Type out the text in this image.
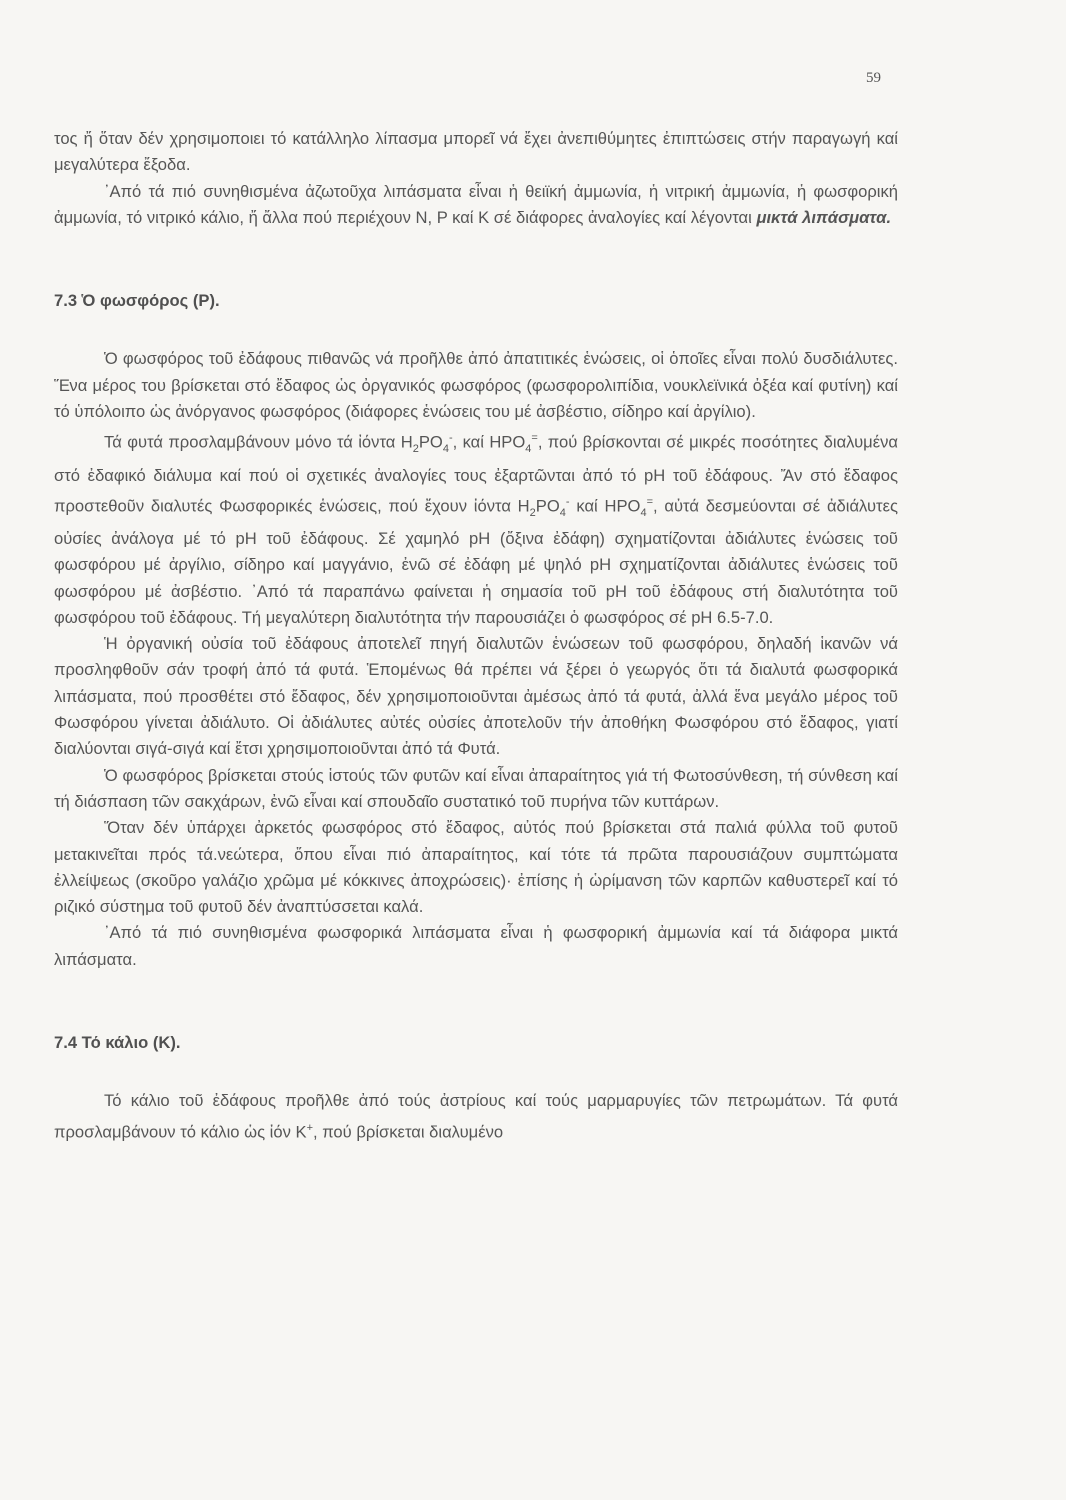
59

τος ἤ ὅταν δέν χρησιμοποιει τό κατάλληλο λίπασμα μπορεῖ νά ἔχει ἀνεπιθύμητες ἐπιπτώσεις στήν παραγωγή καί μεγαλύτερα ἔξοδα.

᾿Από τά πιό συνηθισμένα ἀζωτοῦχα λιπάσματα εἶναι ἡ θειϊκή ἀμμωνία, ἡ νιτρική ἀμμωνία, ἡ φωσφορική ἀμμωνία, τό νιτρικό κάλιο, ἤ ἄλλα πού περιέχουν Ν, Ρ καί Κ σέ διάφορες ἀναλογίες καί λέγονται μικτά λιπάσματα.

7.3 Ὁ φωσφόρος (Ρ).

Ὁ φωσφόρος τοῦ ἐδάφους πιθανῶς νά προῆλθε ἀπό ἀπατιτικές ἑνώσεις, οἱ ὁποῖες εἶναι πολύ δυσδιάλυτες. Ἕνα μέρος του βρίσκεται στό ἔδαφος ὡς ὀργανικός φωσφόρος (φωσφορολιπίδια, νουκλεϊνικά ὀξέα καί φυτίνη) καί τό ὑπόλοιπο ὡς ἀνόργανος φωσφόρος (διάφορες ἑνώσεις του μέ ἀσβέστιο, σίδηρο καί ἀργίλιο).

Τά φυτά προσλαμβάνουν μόνο τά ἰόντα $H_2PO_4^-$, καί $HPO_4^=$, πού βρίσκονται σέ μικρές ποσότητες διαλυμένα στό ἐδαφικό διάλυμα καί πού οἱ σχετικές ἀναλογίες τους ἐξαρτῶνται ἀπό τό pH τοῦ ἐδάφους. Ἄν στό ἔδαφος προστεθοῦν διαλυτές Φωσφορικές ἑνώσεις, πού ἔχουν ἰόντα $H_2PO_4^-$ καί $HPO_4^=$, αὐτά δεσμεύονται σέ ἀδιάλυτες οὐσίες ἀνάλογα μέ τό pH τοῦ ἐδάφους. Σέ χαμηλό pH (ὄξινα ἐδάφη) σχηματίζονται ἀδιάλυτες ἑνώσεις τοῦ φωσφόρου μέ ἀργίλιο, σίδηρο καί μαγγάνιο, ἐνῶ σέ ἐδάφη μέ ψηλό pH σχηματίζονται ἀδιάλυτες ἑνώσεις τοῦ φωσφόρου μέ ἀσβέστιο. ᾿Από τά παραπάνω φαίνεται ἡ σημασία τοῦ pH τοῦ ἐδάφους στή διαλυτότητα τοῦ φωσφόρου τοῦ ἐδάφους. Τή μεγαλύτερη διαλυτότητα τήν παρουσιάζει ὁ φωσφόρος σέ pH 6.5-7.0.

Ἡ ὀργανική οὐσία τοῦ ἐδάφους ἀποτελεῖ πηγή διαλυτῶν ἑνώσεων τοῦ φωσφόρου, δηλαδή ἱκανῶν νά προσληφθοῦν σάν τροφή ἀπό τά φυτά. Ἑπομένως θά πρέπει νά ξέρει ὁ γεωργός ὅτι τά διαλυτά φωσφορικά λιπάσματα, πού προσθέτει στό ἔδαφος, δέν χρησιμοποιοῦνται ἀμέσως ἀπό τά φυτά, ἀλλά ἕνα μεγάλο μέρος τοῦ Φωσφόρου γίνεται ἀδιάλυτο. Οἱ ἀδιάλυτες αὐτές οὐσίες ἀποτελοῦν τήν ἀποθήκη Φωσφόρου στό ἔδαφος, γιατί διαλύονται σιγά-σιγά καί ἔτσι χρησιμοποιοῦνται ἀπό τά Φυτά.

Ὁ φωσφόρος βρίσκεται στούς ἱστούς τῶν φυτῶν καί εἶναι ἀπαραίτητος γιά τή Φωτοσύνθεση, τή σύνθεση καί τή διάσπαση τῶν σακχάρων, ἐνῶ εἶναι καί σπουδαῖο συστατικό τοῦ πυρήνα τῶν κυττάρων.

Ὅταν δέν ὑπάρχει ἀρκετός φωσφόρος στό ἔδαφος, αὐτός πού βρίσκεται στά παλιά φύλλα τοῦ φυτοῦ μετακινεῖται πρός τά.νεώτερα, ὅπου εἶναι πιό ἀπαραίτητος, καί τότε τά πρῶτα παρουσιάζουν συμπτώματα ἐλλείψεως (σκοῦρο γαλάζιο χρῶμα μέ κόκκινες ἀποχρώσεις)· ἐπίσης ἡ ὡρίμανση τῶν καρπῶν καθυστερεῖ καί τό ριζικό σύστημα τοῦ φυτοῦ δέν ἀναπτύσσεται καλά.

᾿Από τά πιό συνηθισμένα φωσφορικά λιπάσματα εἶναι ἡ φωσφορική ἀμμωνία καί τά διάφορα μικτά λιπάσματα.

7.4 Τό κάλιο (Κ).

Τό κάλιο τοῦ ἐδάφους προῆλθε ἀπό τούς ἀστρίους καί τούς μαρμαρυγίες τῶν πετρωμάτων. Τά φυτά προσλαμβάνουν τό κάλιο ὡς ἰόν K+, πού βρίσκεται διαλυμένο
